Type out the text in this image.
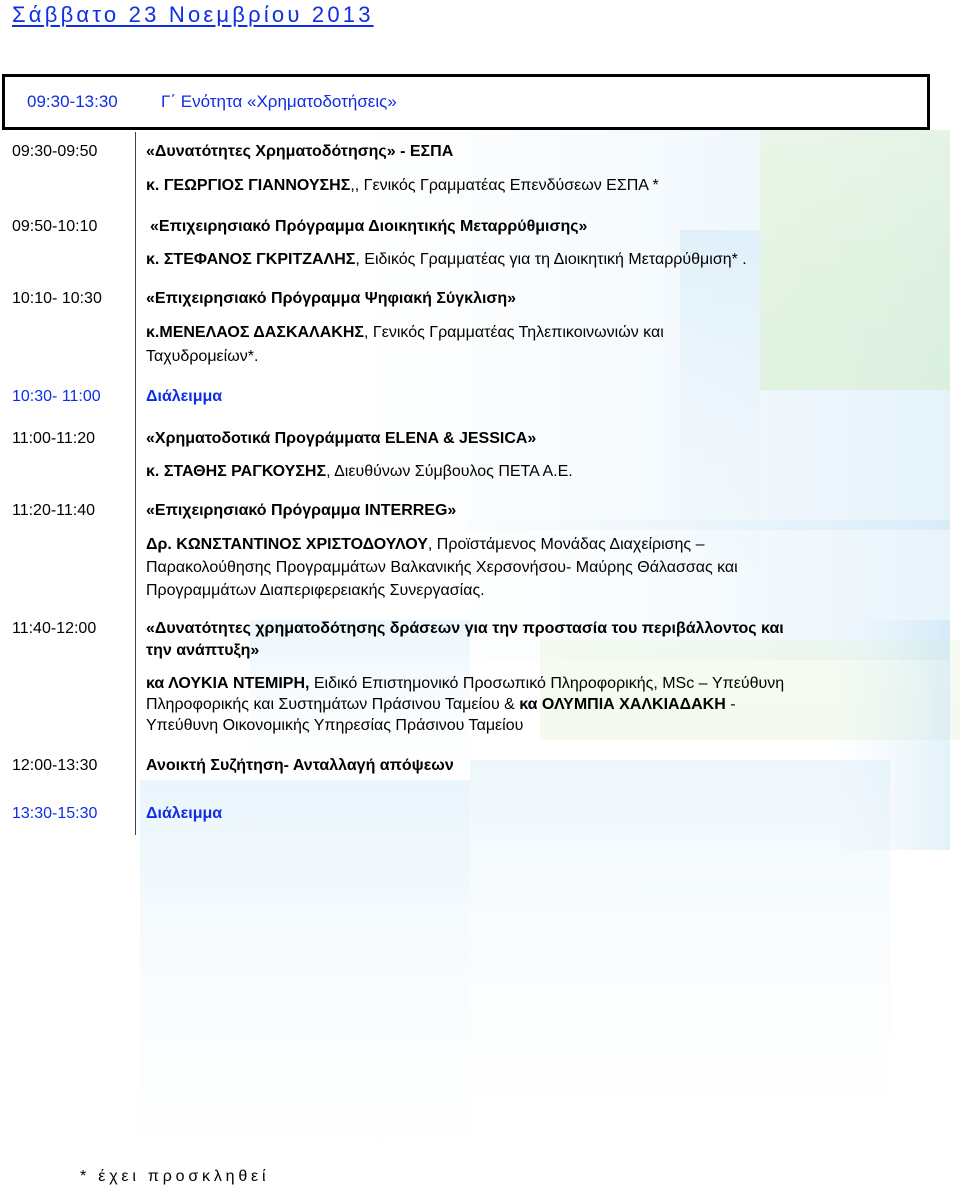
Σάββατο 23 Νοεμβρίου 2013
09:30-13:30	Γ΄ Ενότητα «Χρηματοδοτήσεις»
09:30-09:50	«Δυνατότητες Χρηματοδότησης» - ΕΣΠΑ
κ. ΓΕΩΡΓΙΟΣ ΓΙΑΝΝΟΥΣΗΣ,, Γενικός Γραμματέας Επενδύσεων ΕΣΠΑ *
09:50-10:10	«Επιχειρησιακό Πρόγραμμα Διοικητικής Μεταρρύθμισης»
κ. ΣΤΕΦΑΝΟΣ ΓΚΡΙΤΖΑΛΗΣ, Ειδικός Γραμματέας για τη Διοικητική Μεταρρύθμιση* .
10:10- 10:30	«Επιχειρησιακό Πρόγραμμα Ψηφιακή Σύγκλιση»
κ.ΜΕΝΕΛΑΟΣ ΔΑΣΚΑΛΑΚΗΣ, Γενικός Γραμματέας Τηλεπικοινωνιών και
Ταχυδρομείων*.
10:30- 11:00	Διάλειμμα
11:00-11:20	«Χρηματοδοτικά Προγράμματα ELENA & JESSICA»
κ. ΣΤΑΘΗΣ ΡΑΓΚΟΥΣΗΣ, Διευθύνων Σύμβουλος ΠΕΤΑ Α.Ε.
11:20-11:40	«Επιχειρησιακό Πρόγραμμα INTERREG»
Δρ. ΚΩΝΣΤΑΝΤΙΝΟΣ ΧΡΙΣΤΟΔΟΥΛΟΥ, Προϊστάμενος Μονάδας Διαχείρισης –
Παρακολούθησης Προγραμμάτων Βαλκανικής Χερσονήσου- Μαύρης Θάλασσας και
Προγραμμάτων Διαπεριφερειακής Συνεργασίας.
11:40-12:00	«Δυνατότητες χρηματοδότησης δράσεων για την προστασία του περιβάλλοντος και
την ανάπτυξη»
κα ΛΟΥΚΙΑ ΝΤΕΜΙΡΗ, Ειδικό Επιστημονικό Προσωπικό Πληροφορικής, MSc – Υπεύθυνη
Πληροφορικής και Συστημάτων Πράσινου Ταμείου & κα ΟΛΥΜΠΙΑ ΧΑΛΚΙΑΔΑΚΗ -
Υπεύθυνη Οικονομικής Υπηρεσίας Πράσινου Ταμείου
12:00-13:30	Ανοικτή Συζήτηση- Ανταλλαγή απόψεων
13:30-15:30	Διάλειμμα
* έχει προσκληθεί
